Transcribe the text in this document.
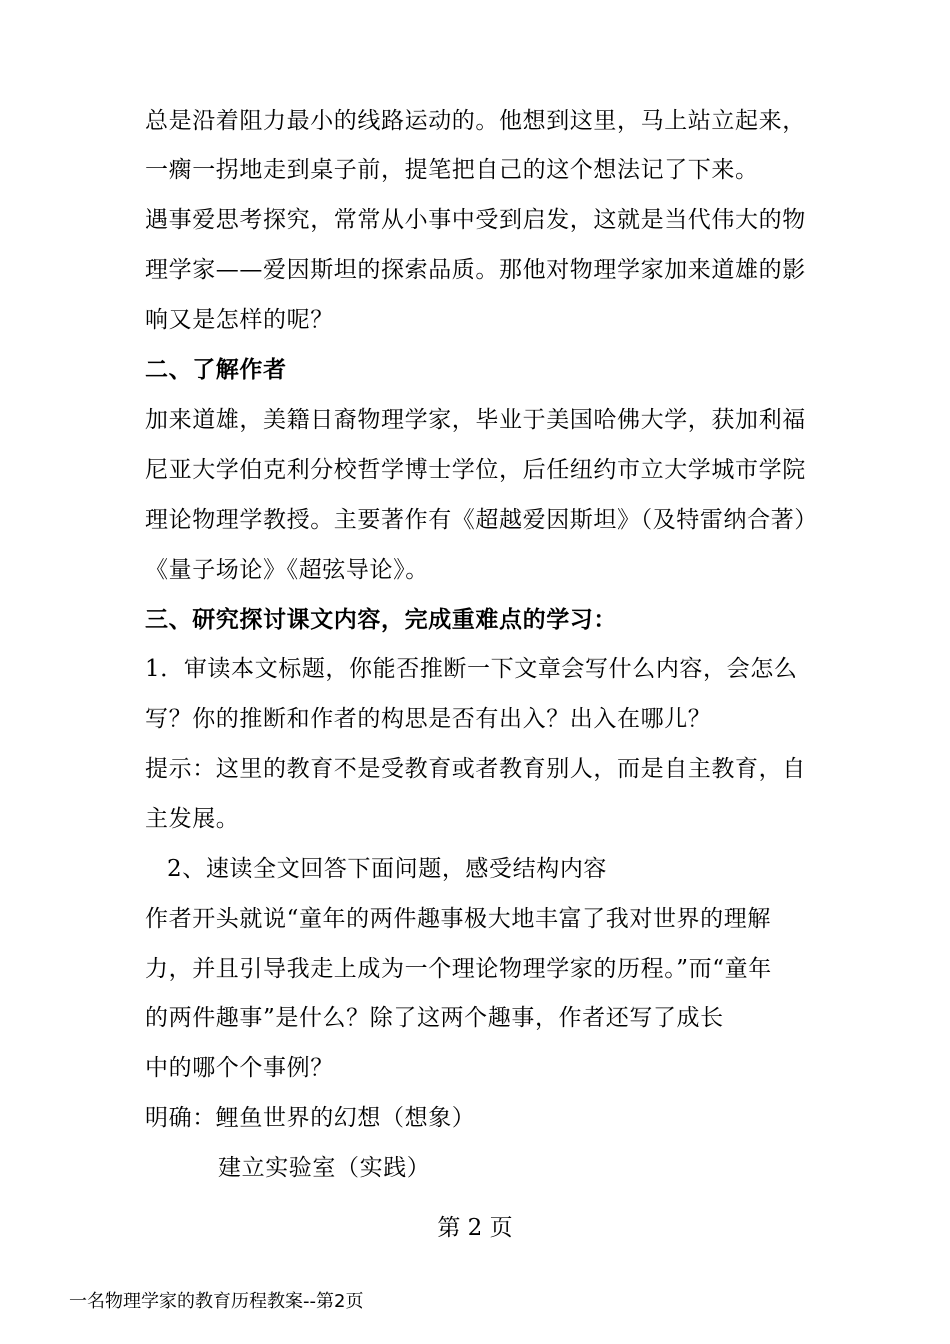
总是沿着阻力最小的线路运动的。他想到这里，马上站立起来，
一瘸一拐地走到桌子前，提笔把自己的这个想法记了下来。
遇事爱思考探究，常常从小事中受到启发，这就是当代伟大的物
理学家——爱因斯坦的探索品质。那他对物理学家加来道雄的影
响又是怎样的呢？
二、了解作者
加来道雄，美籍日裔物理学家，毕业于美国哈佛大学，获加利福
尼亚大学伯克利分校哲学博士学位，后任纽约市立大学城市学院
理论物理学教授。主要著作有《超越爱因斯坦》（及特雷纳合著）
《量子场论》《超弦导论》。
三、研究探讨课文内容，完成重难点的学习：
1．审读本文标题，你能否推断一下文章会写什么内容，会怎么
写？你的推断和作者的构思是否有出入？出入在哪儿？
提示：这里的教育不是受教育或者教育别人，而是自主教育，自
主发展。
2、速读全文回答下面问题，感受结构内容
作者开头就说“童年的两件趣事极大地丰富了我对世界的理解
力，并且引导我走上成为一个理论物理学家的历程。”而“童年
的两件趣事”是什么？除了这两个趣事，作者还写了成长
中的哪个个事例？
明确：鲤鱼世界的幻想（想象）
建立实验室（实践）
第 2 页
一名物理学家的教育历程教案--第2页
